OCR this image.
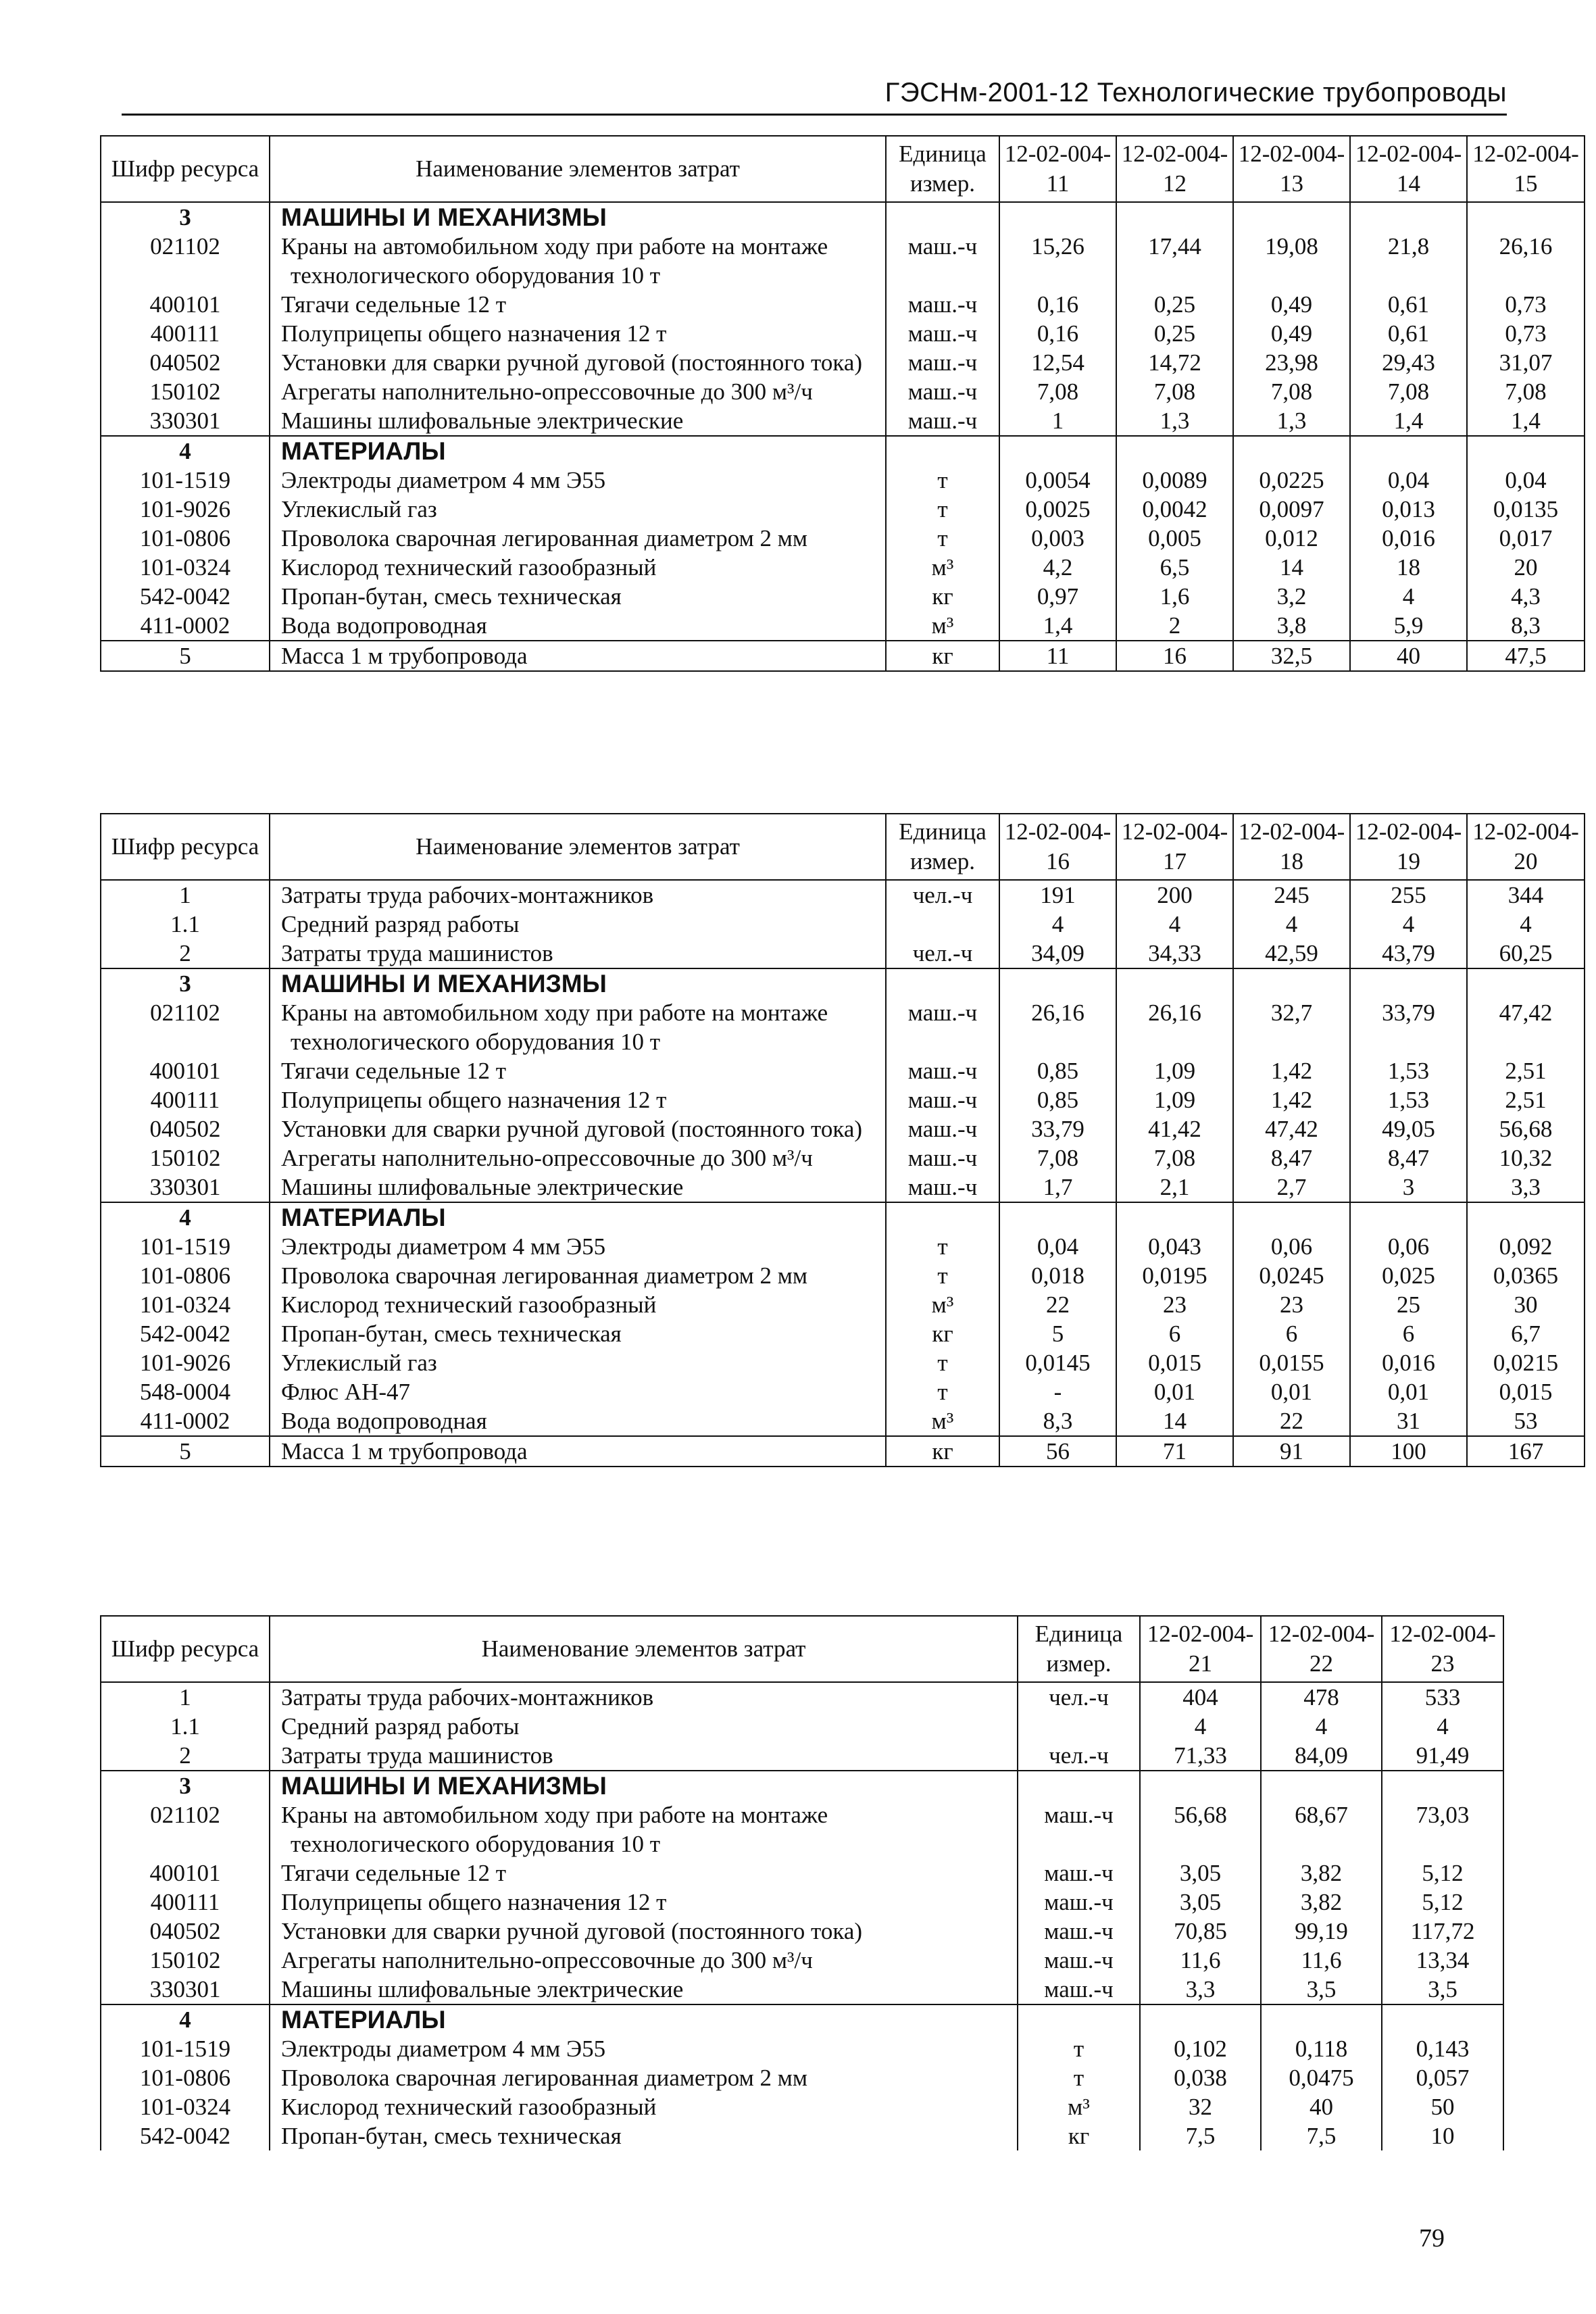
ГЭСНм-2001-12 Технологические трубопроводы
Шифр ресурса	Наименование элементов затрат	Единица измер.	12-02-004-11	12-02-004-12	12-02-004-13	12-02-004-14	12-02-004-15
3	МАШИНЫ И МЕХАНИЗМЫ						
021102	Краны на автомобильном ходу при работе на монтаже технологического оборудования 10 т	маш.-ч	15,26	17,44	19,08	21,8	26,16
400101	Тягачи седельные 12 т	маш.-ч	0,16	0,25	0,49	0,61	0,73
400111	Полуприцепы общего назначения 12 т	маш.-ч	0,16	0,25	0,49	0,61	0,73
040502	Установки для сварки ручной дуговой (постоянного тока)	маш.-ч	12,54	14,72	23,98	29,43	31,07
150102	Агрегаты наполнительно-опрессовочные до 300 м³/ч	маш.-ч	7,08	7,08	7,08	7,08	7,08
330301	Машины шлифовальные электрические	маш.-ч	1	1,3	1,3	1,4	1,4
4	МАТЕРИАЛЫ						
101-1519	Электроды диаметром 4 мм Э55	т	0,0054	0,0089	0,0225	0,04	0,04
101-9026	Углекислый газ	т	0,0025	0,0042	0,0097	0,013	0,0135
101-0806	Проволока сварочная легированная диаметром 2 мм	т	0,003	0,005	0,012	0,016	0,017
101-0324	Кислород технический газообразный	м³	4,2	6,5	14	18	20
542-0042	Пропан-бутан, смесь техническая	кг	0,97	1,6	3,2	4	4,3
411-0002	Вода водопроводная	м³	1,4	2	3,8	5,9	8,3
5	Масса 1 м трубопровода	кг	11	16	32,5	40	47,5
Шифр ресурса	Наименование элементов затрат	Единица измер.	12-02-004-16	12-02-004-17	12-02-004-18	12-02-004-19	12-02-004-20
1	Затраты труда рабочих-монтажников	чел.-ч	191	200	245	255	344
1.1	Средний разряд работы		4	4	4	4	4
2	Затраты труда машинистов	чел.-ч	34,09	34,33	42,59	43,79	60,25
3	МАШИНЫ И МЕХАНИЗМЫ						
021102	Краны на автомобильном ходу при работе на монтаже технологического оборудования 10 т	маш.-ч	26,16	26,16	32,7	33,79	47,42
400101	Тягачи седельные 12 т	маш.-ч	0,85	1,09	1,42	1,53	2,51
400111	Полуприцепы общего назначения 12 т	маш.-ч	0,85	1,09	1,42	1,53	2,51
040502	Установки для сварки ручной дуговой (постоянного тока)	маш.-ч	33,79	41,42	47,42	49,05	56,68
150102	Агрегаты наполнительно-опрессовочные до 300 м³/ч	маш.-ч	7,08	7,08	8,47	8,47	10,32
330301	Машины шлифовальные электрические	маш.-ч	1,7	2,1	2,7	3	3,3
4	МАТЕРИАЛЫ						
101-1519	Электроды диаметром 4 мм Э55	т	0,04	0,043	0,06	0,06	0,092
101-0806	Проволока сварочная легированная диаметром 2 мм	т	0,018	0,0195	0,0245	0,025	0,0365
101-0324	Кислород технический газообразный	м³	22	23	23	25	30
542-0042	Пропан-бутан, смесь техническая	кг	5	6	6	6	6,7
101-9026	Углекислый газ	т	0,0145	0,015	0,0155	0,016	0,0215
548-0004	Флюс АН-47	т	-	0,01	0,01	0,01	0,015
411-0002	Вода водопроводная	м³	8,3	14	22	31	53
5	Масса 1 м трубопровода	кг	56	71	91	100	167
Шифр ресурса	Наименование элементов затрат	Единица измер.	12-02-004-21	12-02-004-22	12-02-004-23
1	Затраты труда рабочих-монтажников	чел.-ч	404	478	533
1.1	Средний разряд работы		4	4	4
2	Затраты труда машинистов	чел.-ч	71,33	84,09	91,49
3	МАШИНЫ И МЕХАНИЗМЫ				
021102	Краны на автомобильном ходу при работе на монтаже технологического оборудования 10 т	маш.-ч	56,68	68,67	73,03
400101	Тягачи седельные 12 т	маш.-ч	3,05	3,82	5,12
400111	Полуприцепы общего назначения 12 т	маш.-ч	3,05	3,82	5,12
040502	Установки для сварки ручной дуговой (постоянного тока)	маш.-ч	70,85	99,19	117,72
150102	Агрегаты наполнительно-опрессовочные до 300 м³/ч	маш.-ч	11,6	11,6	13,34
330301	Машины шлифовальные электрические	маш.-ч	3,3	3,5	3,5
4	МАТЕРИАЛЫ				
101-1519	Электроды диаметром 4 мм Э55	т	0,102	0,118	0,143
101-0806	Проволока сварочная легированная диаметром 2 мм	т	0,038	0,0475	0,057
101-0324	Кислород технический газообразный	м³	32	40	50
542-0042	Пропан-бутан, смесь техническая	кг	7,5	7,5	10
79
